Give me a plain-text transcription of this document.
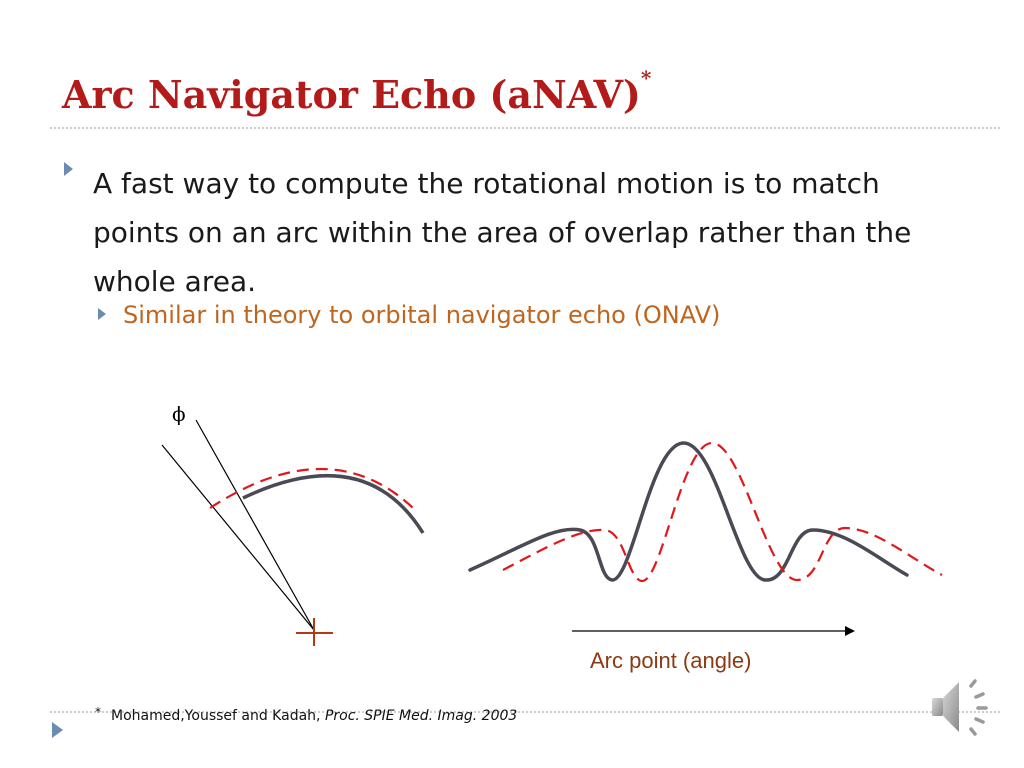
Arc Navigator Echo (aNAV)*

A fast way to compute the rotational motion is to match points on an arc within the area of overlap rather than the whole area.

Similar in theory to orbital navigator echo (ONAV)

ϕ
Arc point (angle)
* Mohamed,Youssef and Kadah, Proc. SPIE Med. Imag. 2003
